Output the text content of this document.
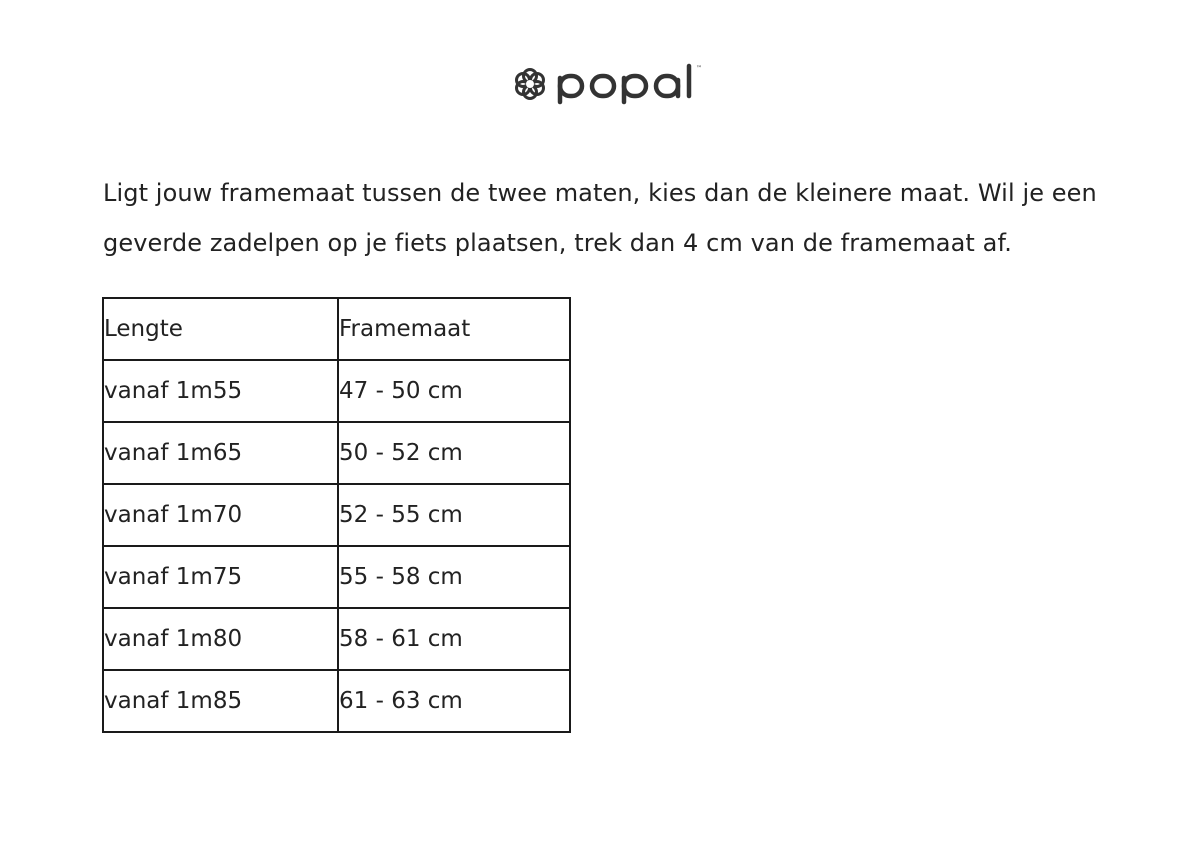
™

Ligt jouw framemaat tussen de twee maten, kies dan de kleinere maat. Wil je een geverde zadelpen op je fiets plaatsen, trek dan 4 cm van de framemaat af.

Lengte	Framemaat
vanaf 1m55	47 - 50 cm
vanaf 1m65	50 - 52 cm
vanaf 1m70	52 - 55 cm
vanaf 1m75	55 - 58 cm
vanaf 1m80	58 - 61 cm
vanaf 1m85	61 - 63 cm
